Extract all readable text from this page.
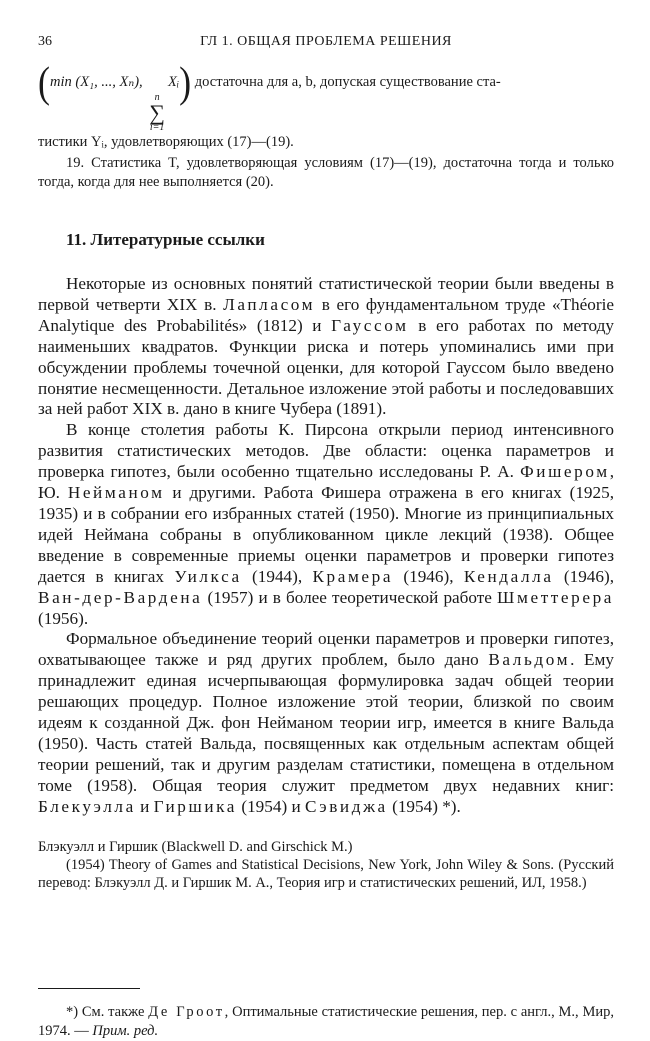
36	ГЛ 1. ОБЩАЯ ПРОБЛЕМА РЕШЕНИЯ
(min (X₁, ..., Xₙ),
n
∑
i=1
Xᵢ) достаточна для a, b, допуская существование ста-

тистики Yᵢ, удовлетворяющих (17)—(19).

19. Статистика T, удовлетворяющая условиям (17)—(19), достаточна тогда и только тогда, когда для нее выполняется (20).

11. Литературные ссылки

Некоторые из основных понятий статистической теории были введены в первой четверти XIX в. Лапласом в его фундаментальном труде «Théorie Analytique des Probabilités» (1812) и Гауссом в его работах по методу наименьших квадратов. Функции риска и потерь упоминались ими при обсуждении проблемы точечной оценки, для которой Гауссом было введено понятие несмещенности. Детальное изложение этой работы и последовавших за ней работ XIX в. дано в книге Чубера (1891).

В конце столетия работы К. Пирсона открыли период интенсивного развития статистических методов. Две области: оценка параметров и проверка гипотез, были особенно тщательно исследованы Р. А. Фишером, Ю. Нейманом и другими. Работа Фишера отражена в его книгах (1925, 1935) и в собрании его избранных статей (1950). Многие из принципиальных идей Неймана собраны в опубликованном цикле лекций (1938). Общее введение в современные приемы оценки параметров и проверки гипотез дается в книгах Уилкса (1944), Крамера (1946), Кендалла (1946), Ван-дер-Вардена (1957) и в более теоретической работе Шметтерера (1956).

Формальное объединение теорий оценки параметров и проверки гипотез, охватывающее также и ряд других проблем, было дано Вальдом. Ему принадлежит единая исчерпывающая формулировка задач общей теории решающих процедур. Полное изложение этой теории, близкой по своим идеям к созданной Дж. фон Нейманом теории игр, имеется в книге Вальда (1950). Часть статей Вальда, посвященных как отдельным аспектам общей теории решений, так и другим разделам статистики, помещена в отдельном томе (1958). Общая теория служит предметом двух недавних книг: Блекуэлла и Гиршика (1954) и Сэвиджа (1954) *).

Блэкуэлл и Гиршик (Blackwell D. and Girschick M.)

(1954) Theory of Games and Statistical Decisions, New York, John Wiley & Sons. (Русский перевод: Блэкуэлл Д. и Гиршик М. А., Теория игр и статистических решений, ИЛ, 1958.)

*) См. также Де Гроот, Оптимальные статистические решения, пер. с англ., М., Мир, 1974. — Прим. ред.
